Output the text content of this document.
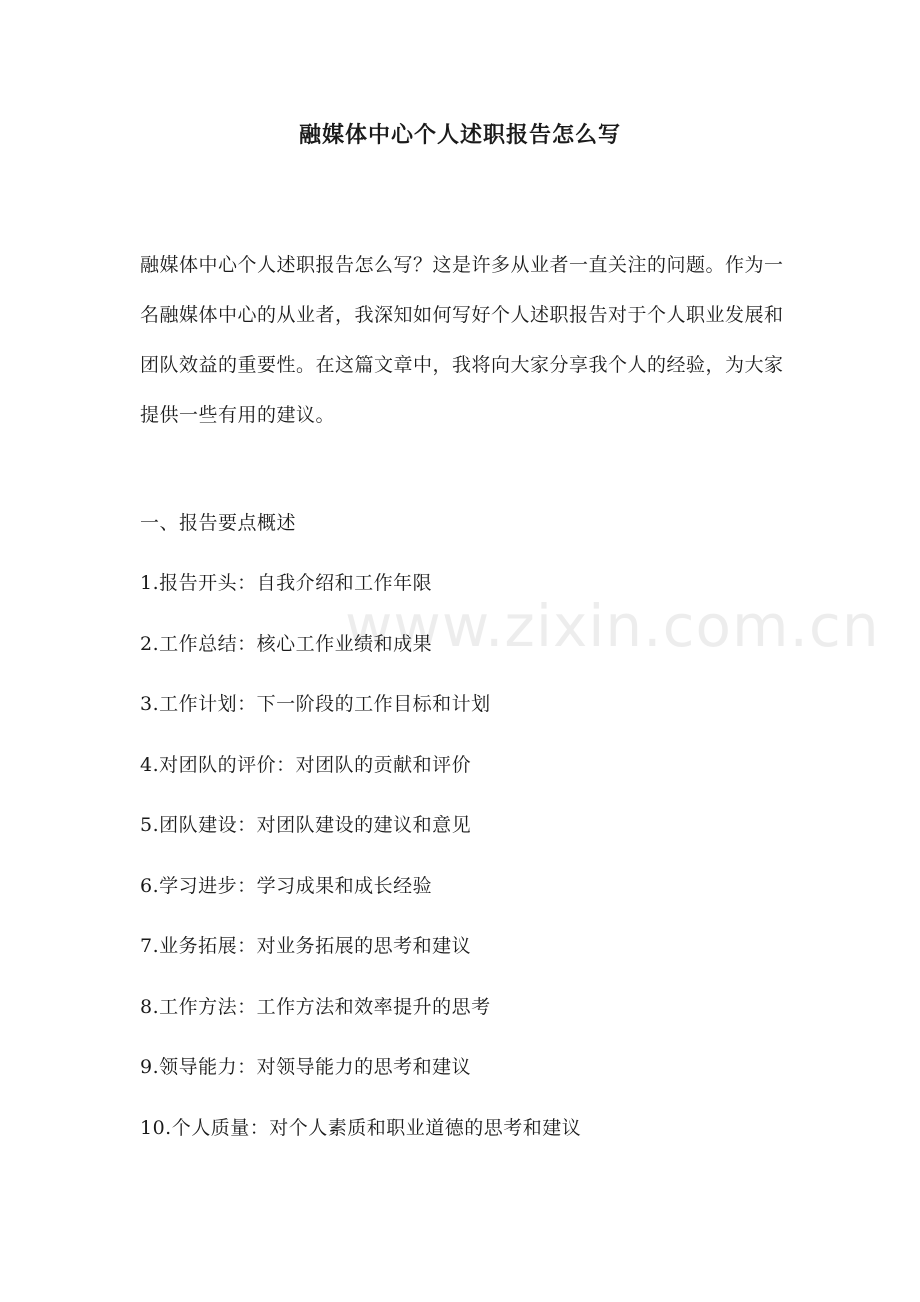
融媒体中心个人述职报告怎么写

融媒体中心个人述职报告怎么写？这是许多从业者一直关注的问题。作为一名融媒体中心的从业者，我深知如何写好个人述职报告对于个人职业发展和团队效益的重要性。在这篇文章中，我将向大家分享我个人的经验，为大家提供一些有用的建议。

一、报告要点概述
1.报告开头：自我介绍和工作年限
2.工作总结：核心工作业绩和成果
3.工作计划：下一阶段的工作目标和计划
4.对团队的评价：对团队的贡献和评价
5.团队建设：对团队建设的建议和意见
6.学习进步：学习成果和成长经验
7.业务拓展：对业务拓展的思考和建议
8.工作方法：工作方法和效率提升的思考
9.领导能力：对领导能力的思考和建议
10.个人质量：对个人素质和职业道德的思考和建议
www.zixin.com.cn
